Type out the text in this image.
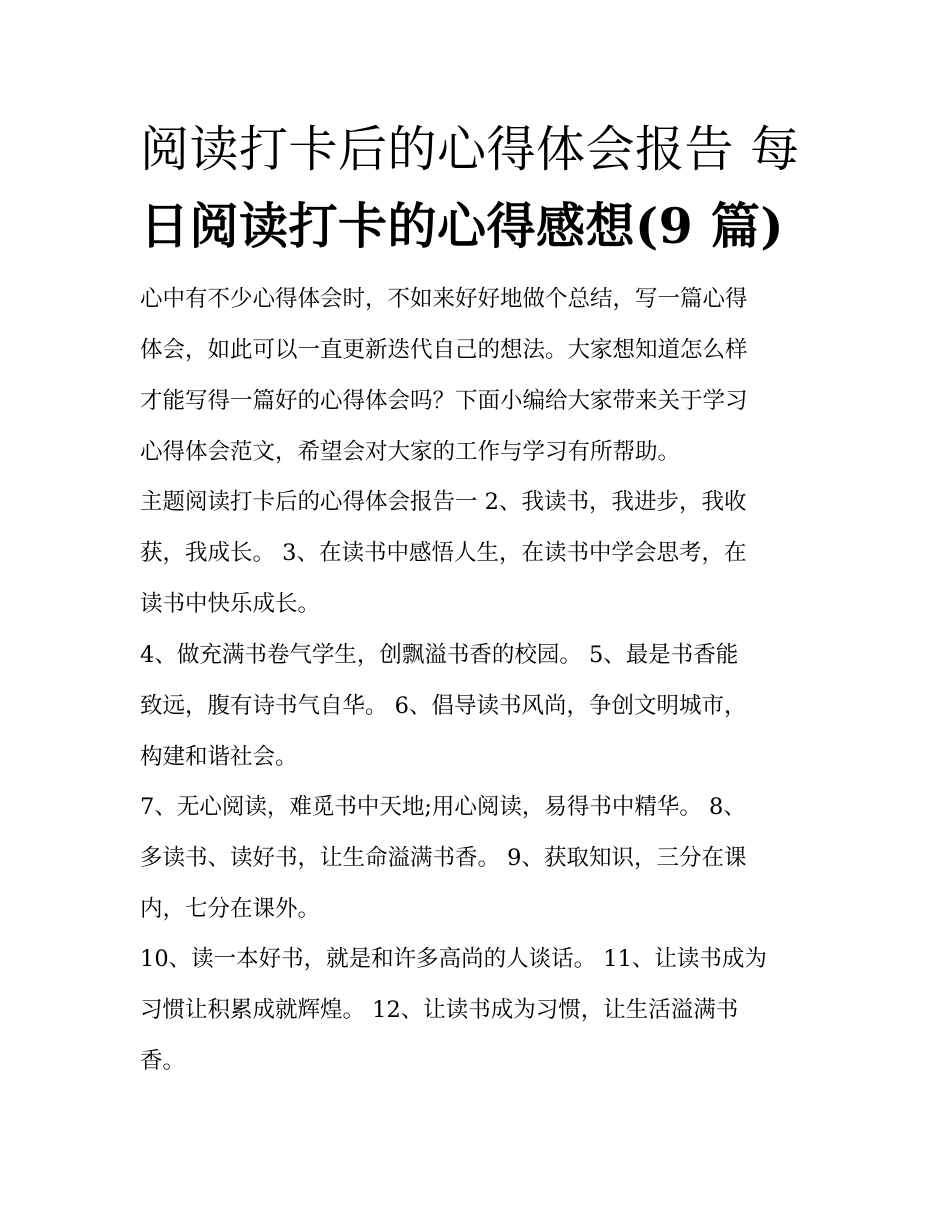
阅读打卡后的心得体会报告 每
日阅读打卡的心得感想(9 篇)

心中有不少心得体会时，不如来好好地做个总结，写一篇心得
体会，如此可以一直更新迭代自己的想法。大家想知道怎么样
才能写得一篇好的心得体会吗？下面小编给大家带来关于学习
心得体会范文，希望会对大家的工作与学习有所帮助。

主题阅读打卡后的心得体会报告一 2、我读书，我进步，我收
获，我成长。 3、在读书中感悟人生，在读书中学会思考，在
读书中快乐成长。

4、做充满书卷气学生，创飘溢书香的校园。 5、最是书香能
致远，腹有诗书气自华。 6、倡导读书风尚，争创文明城市，
构建和谐社会。

7、无心阅读，难觅书中天地;用心阅读，易得书中精华。 8、
多读书、读好书，让生命溢满书香。 9、获取知识，三分在课
内，七分在课外。

10、读一本好书，就是和许多高尚的人谈话。 11、让读书成为
习惯让积累成就辉煌。 12、让读书成为习惯，让生活溢满书
香。
